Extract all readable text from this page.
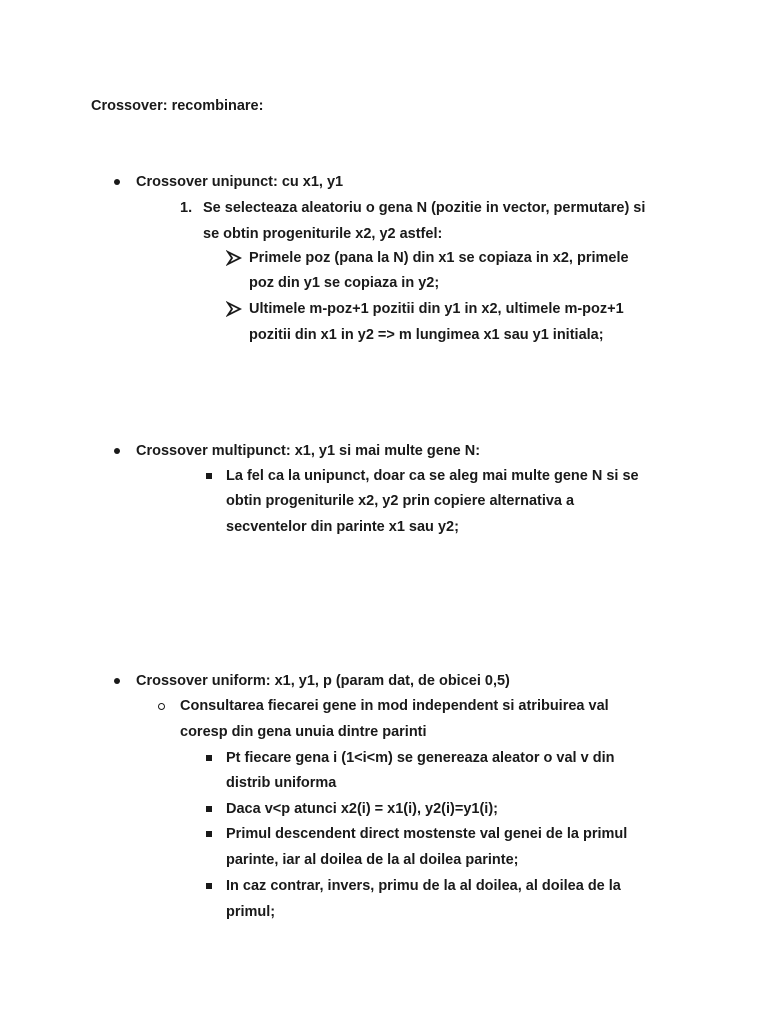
Crossover: recombinare:
Crossover unipunct: cu x1, y1
1. Se selecteaza aleatoriu o gena N (pozitie in vector, permutare) si
se obtin progeniturile x2, y2 astfel:
Primele poz (pana la N) din x1 se copiaza in x2, primele
poz din y1 se copiaza in y2;
Ultimele m-poz+1 pozitii din y1 in x2, ultimele m-poz+1
pozitii din x1 in y2 => m lungimea x1 sau y1 initiala;
Crossover multipunct: x1, y1 si mai multe gene N:
La fel ca la unipunct, doar ca se aleg mai multe gene N si se
obtin progeniturile x2, y2 prin copiere alternativa a
secventelor din parinte x1 sau y2;
Crossover uniform: x1, y1, p (param dat, de obicei 0,5)
Consultarea fiecarei gene in mod independent si atribuirea val
coresp din gena unuia dintre parinti
Pt fiecare gena i (1<i<m) se genereaza aleator o val v din
distrib uniforma
Daca v<p atunci x2(i) = x1(i), y2(i)=y1(i);
Primul descendent direct mostenste val genei de la primul
parinte, iar al doilea de la al doilea parinte;
In caz contrar, invers, primu de la al doilea, al doilea de la
primul;
